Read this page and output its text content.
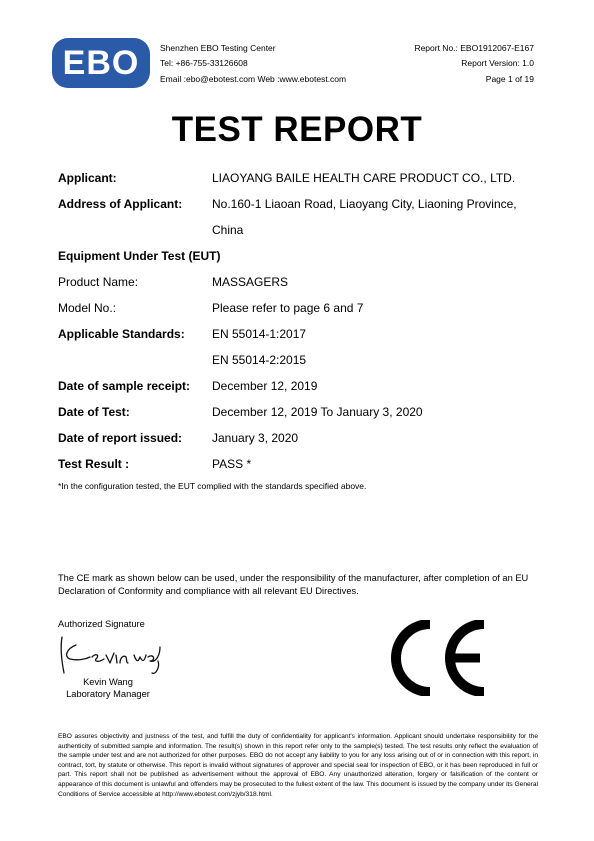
EBO Shenzhen EBO Testing Center
Tel: +86-755-33126608
Email :ebo@ebotest.com Web :www.ebotest.com
Report No.: EBO1912067-E167
Report Version: 1.0
Page 1 of 19
TEST REPORT
Applicant:	LIAOYANG BAILE HEALTH CARE PRODUCT CO., LTD.
Address of Applicant: No.160-1 Liaoan Road, Liaoyang City, Liaoning Province,
China
Equipment Under Test (EUT)
Product Name:	MASSAGERS
Model No.:	Please refer to page 6 and 7
Applicable Standards: EN 55014-1:2017
EN 55014-2:2015
Date of sample receipt: December 12, 2019
Date of Test:	December 12, 2019 To January 3, 2020
Date of report issued: January 3, 2020
Test Result :	PASS *
*In the configuration tested, the EUT complied with the standards specified above.
The CE mark as shown below can be used, under the responsibility of the manufacturer, after completion of an EU Declaration of Conformity and compliance with all relevant EU Directives.
Authorized Signature
Kevin Wang
Laboratory Manager
EBO assures objectivity and justness of the test, and fulfill the duty of confidentiality for applicant's information. Applicant should undertake responsibility for the authenticity of submitted sample and information. The result(s) shown in this report refer only to the sample(s) tested. The test results only reflect the evaluation of the sample under test and are not authorized for other purposes. EBO do not accept any liability to you for any loss arising out of or in connection with this report, in contract, tort, by statute or otherwise. This report is invalid without signatures of approver and special seal for inspection of EBO, or it has been reproduced in full or part. This report shall not be published as advertisement without the approval of EBO. Any unauthorized alteration, forgery or falsification of the content or appearance of this document is unlawful and offenders may be prosecuted to the fullest extent of the law. This document is issued by the company under its General Conditions of Service accessible at http://www.ebotest.com/zjyb/318.html.
